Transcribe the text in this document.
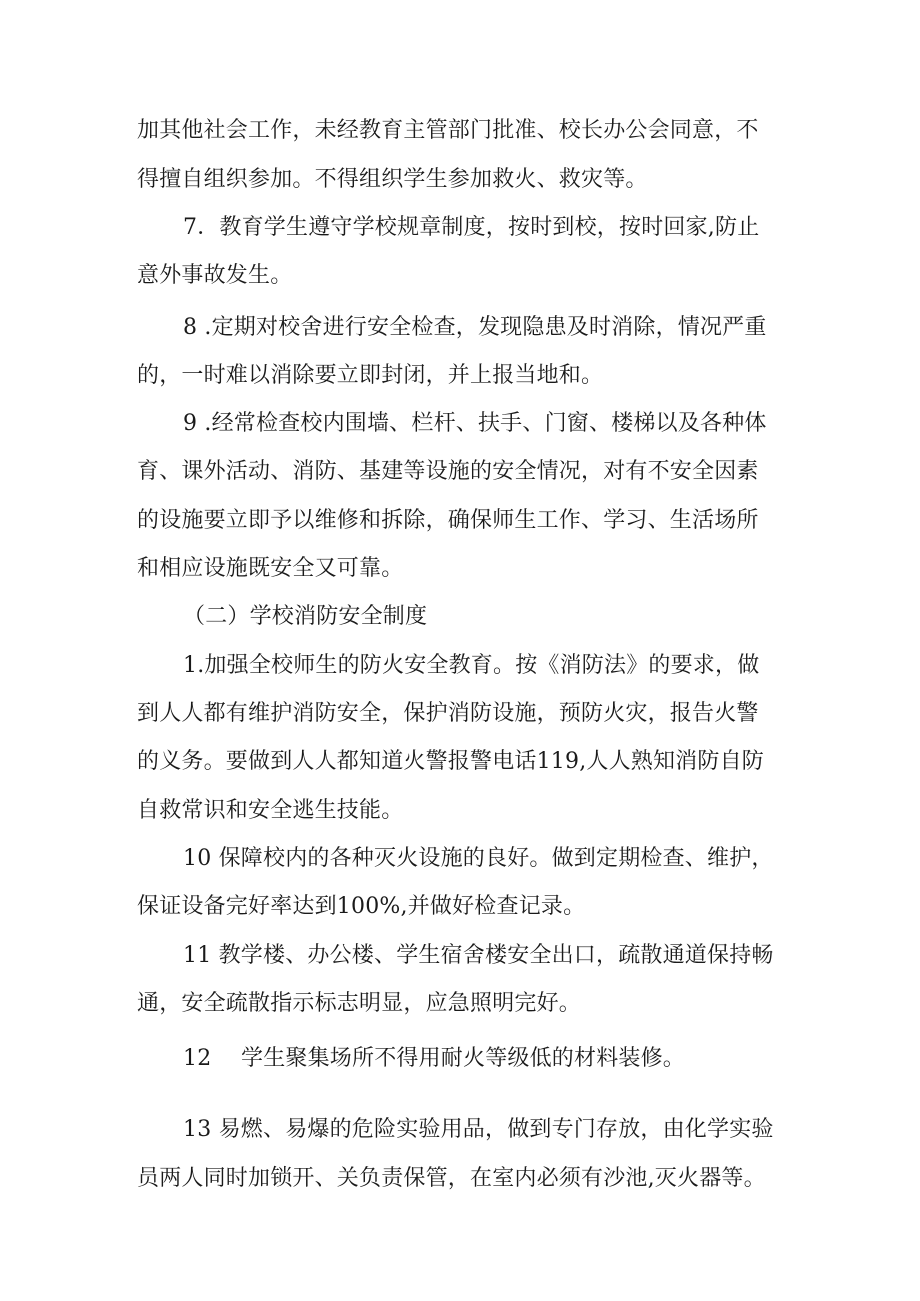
加其他社会工作，未经教育主管部门批准、校长办公会同意，不
得擅自组织参加。不得组织学生参加救火、救灾等。
7．教育学生遵守学校规章制度，按时到校，按时回家,防止
意外事故发生。
8 .定期对校舍进行安全检查，发现隐患及时消除，情况严重
的，一时难以消除要立即封闭，并上报当地和。
9 .经常检查校内围墙、栏杆、扶手、门窗、楼梯以及各种体
育、课外活动、消防、基建等设施的安全情况，对有不安全因素
的设施要立即予以维修和拆除，确保师生工作、学习、生活场所
和相应设施既安全又可靠。
（二）学校消防安全制度
1.加强全校师生的防火安全教育。按《消防法》的要求，做
到人人都有维护消防安全，保护消防设施，预防火灾，报告火警
的义务。要做到人人都知道火警报警电话119,人人熟知消防自防
自救常识和安全逃生技能。
10 保障校内的各种灭火设施的良好。做到定期检查、维护，
保证设备完好率达到100%,并做好检查记录。
11 教学楼、办公楼、学生宿舍楼安全出口，疏散通道保持畅
通，安全疏散指示标志明显，应急照明完好。
12 学生聚集场所不得用耐火等级低的材料装修。
13 易燃、易爆的危险实验用品，做到专门存放，由化学实验
员两人同时加锁开、关负责保管，在室内必须有沙池,灭火器等。
